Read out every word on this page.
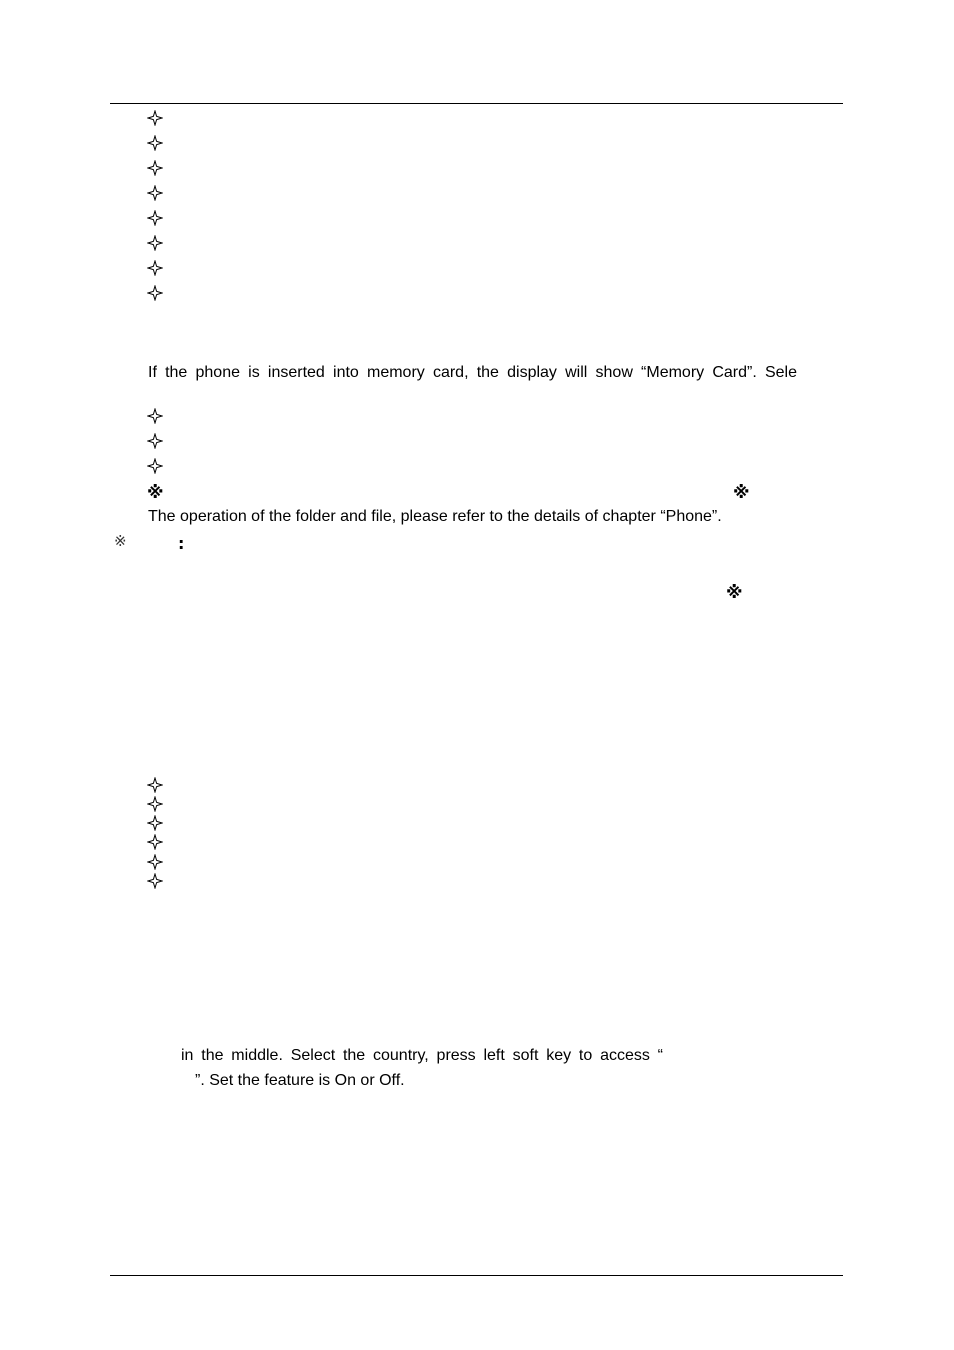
If the phone is inserted into memory card, the display will show “Memory Card”. Sele
※	※
The operation of the folder and file, please refer to the details of chapter “Phone”.
※	:
※
in the middle. Select the country, press left soft key to access “
”. Set the feature is On or Off.
